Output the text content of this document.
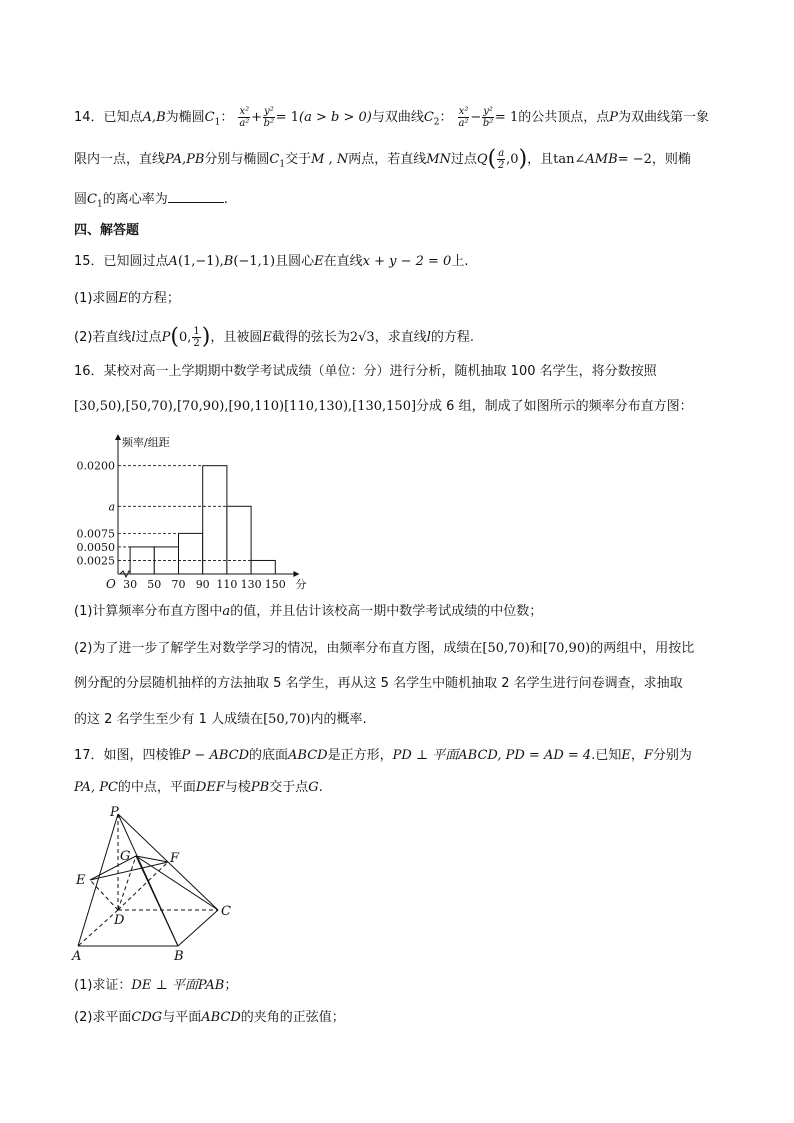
14．已知点A,B为椭圆$C_1$： $\frac{\text{x²}}{\text{a²}} + \frac{\text{y²}}{\text{b²}} = 1(a > b > 0)$与双曲线$C_2$： $\frac{\text{x²}}{\text{a²}} - \frac{\text{y²}}{\text{b²}} = 1$的公共顶点，点P为双曲线第一象
限内一点，直线PA,PB分别与椭圆$C_1$交于M , N两点，若直线MN过点$Q( \frac{a}{2} ,0)$，且tan∠AMB= −2，则椭
圆$C_1$的离心率为	.
四、解答题
15．已知圆过点A(1,−1),B(−1,1)且圆心E在直线x + y − 2 = 0上.
(1)求圆E的方程；
(2)若直线l过点P(0, $\frac{1}{2}$ )，且被圆E截得的弦长为2√3，求直线l的方程.
16．某校对高一上学期期中数学考试成绩（单位：分）进行分析，随机抽取 100 名学生，将分数按照
[30,50),[50,70),[70,90),[90,110)[110,130),[130,150]分成 6 组，制成了如图所示的频率分布直方图：
0.0200
a
0.0075
0.0050
0.0025
30 50 70 90 110 130 150 分
频率/组距
O
(1)计算频率分布直方图中a的值，并且估计该校高一期中数学考试成绩的中位数；
(2)为了进一步了解学生对数学学习的情况，由频率分布直方图，成绩在[50,70)和[70,90)的两组中，用按比
例分配的分层随机抽样的方法抽取 5 名学生，再从这 5 名学生中随机抽取 2 名学生进行问卷调查，求抽取
的这 2 名学生至少有 1 人成绩在[50,70)内的概率.
17．如图，四棱锥P − ABCD的底面ABCD是正方形，PD ⊥ 平面ABCD, PD = AD = 4.已知E，F分别为
PA, PC的中点，平面DEF与棱PB交于点G.
P
G	F
E
D
C
A	B
(1)求证：DE ⊥ 平面PAB；
(2)求平面CDG与平面ABCD的夹角的正弦值；
